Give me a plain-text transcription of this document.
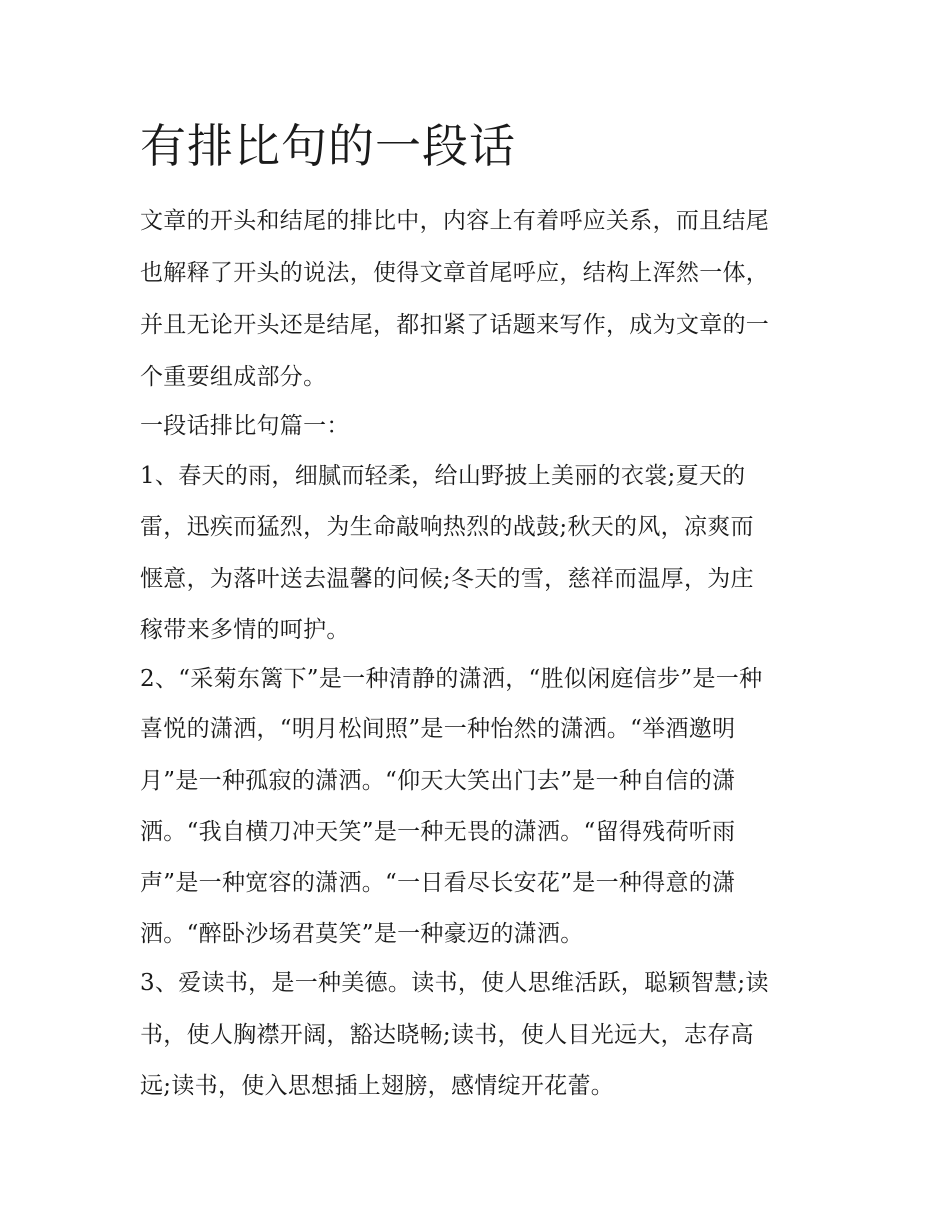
有排比句的一段话
文章的开头和结尾的排比中，内容上有着呼应关系，而且结尾
也解释了开头的说法，使得文章首尾呼应，结构上浑然一体，
并且无论开头还是结尾，都扣紧了话题来写作，成为文章的一
个重要组成部分。
一段话排比句篇一：
1、春天的雨，细腻而轻柔，给山野披上美丽的衣裳;夏天的
雷，迅疾而猛烈，为生命敲响热烈的战鼓;秋天的风，凉爽而
惬意，为落叶送去温馨的问候;冬天的雪，慈祥而温厚，为庄
稼带来多情的呵护。
2、“采菊东篱下”是一种清静的潇洒，“胜似闲庭信步”是一种
喜悦的潇洒，“明月松间照”是一种怡然的潇洒。“举酒邀明
月”是一种孤寂的潇洒。“仰天大笑出门去”是一种自信的潇
洒。“我自横刀冲天笑”是一种无畏的潇洒。“留得残荷听雨
声”是一种宽容的潇洒。“一日看尽长安花”是一种得意的潇
洒。“醉卧沙场君莫笑”是一种豪迈的潇洒。
3、爱读书，是一种美德。读书，使人思维活跃，聪颖智慧;读
书，使人胸襟开阔，豁达晓畅;读书，使人目光远大，志存高
远;读书，使入思想插上翅膀，感情绽开花蕾。
